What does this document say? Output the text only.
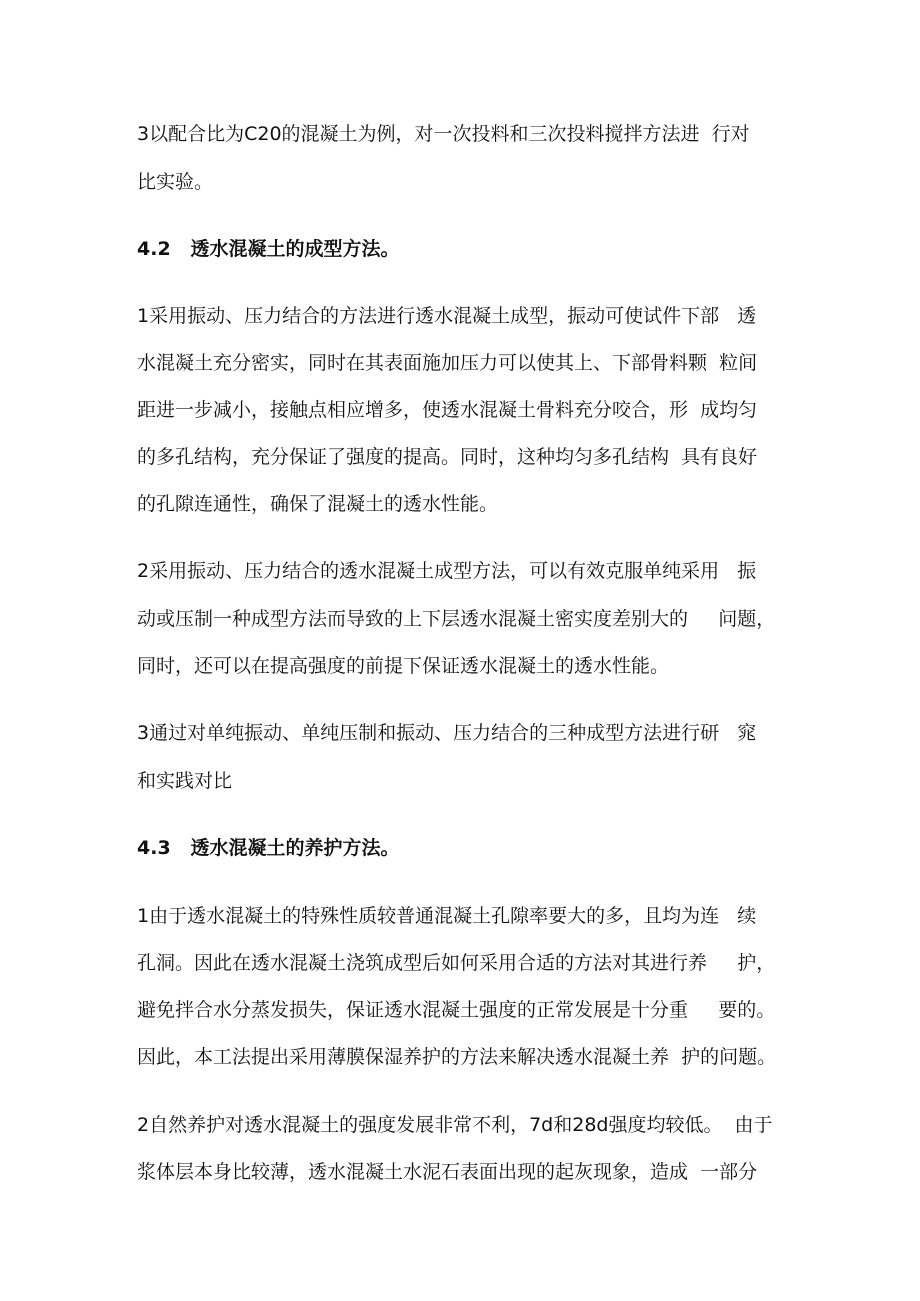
3以配合比为C20的混凝土为例，对一次投料和三次投料搅拌方法进  行对
比实验。
4.2   透水混凝土的成型方法。
1采用振动、压力结合的方法进行透水混凝土成型，振动可使试件下部   透
水混凝土充分密实，同时在其表面施加压力可以使其上、下部骨料颗  粒间
距进一步减小，接触点相应增多，使透水混凝土骨料充分咬合，形  成均匀
的多孔结构，充分保证了强度的提高。同时，这种均匀多孔结构  具有良好
的孔隙连通性，确保了混凝土的透水性能。
2采用振动、压力结合的透水混凝土成型方法，可以有效克服单纯采用   振
动或压制一种成型方法而导致的上下层透水混凝土密实度差别大的     问题，
同时，还可以在提高强度的前提下保证透水混凝土的透水性能。
3通过对单纯振动、单纯压制和振动、压力结合的三种成型方法进行研   窕
和实践对比
4.3   透水混凝土的养护方法。
1由于透水混凝土的特殊性质较普通混凝土孔隙率要大的多，且均为连   续
孔洞。因此在透水混凝土浇筑成型后如何采用合适的方法对其进行养     护，
避免拌合水分蒸发损失，保证透水混凝土强度的正常发展是十分重     要的。
因此，本工法提出采用薄膜保湿养护的方法来解决透水混凝土养  护的问题。
2自然养护对透水混凝土的强度发展非常不利，7d和28d强度均较低。  由于
浆体层本身比较薄，透水混凝土水泥石表面出现的起灰现象，造成  一部分
